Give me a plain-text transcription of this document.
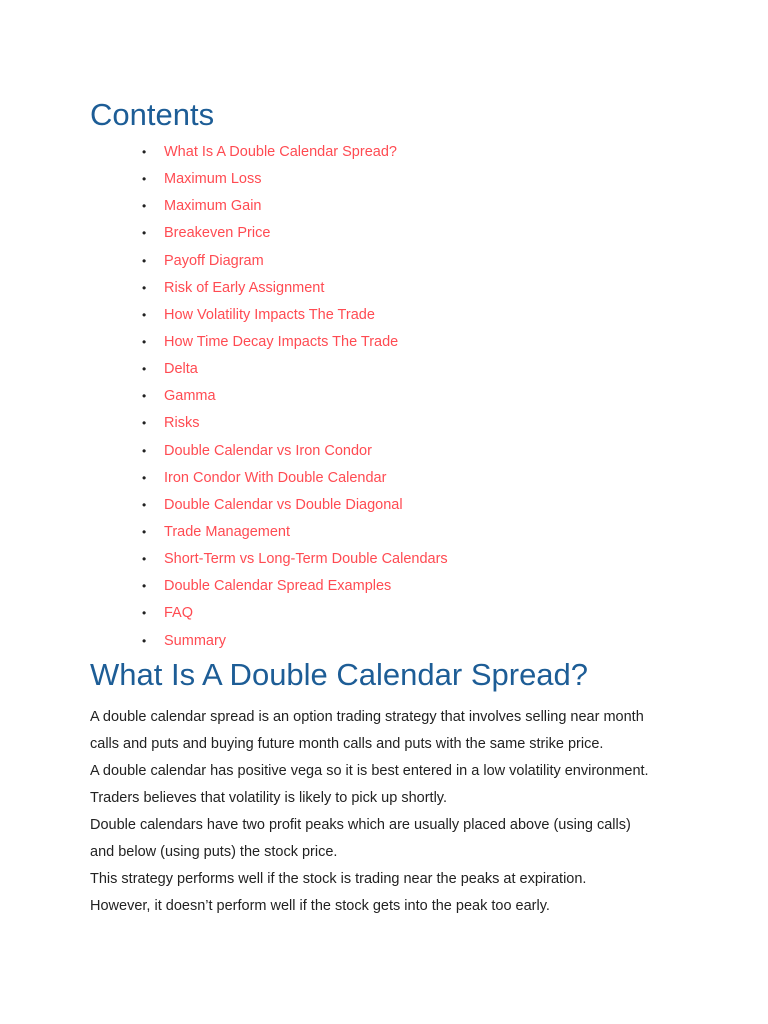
Contents
• What Is A Double Calendar Spread?
• Maximum Loss
• Maximum Gain
• Breakeven Price
• Payoff Diagram
• Risk of Early Assignment
• How Volatility Impacts The Trade
• How Time Decay Impacts The Trade
• Delta
• Gamma
• Risks
• Double Calendar vs Iron Condor
• Iron Condor With Double Calendar
• Double Calendar vs Double Diagonal
• Trade Management
• Short-Term vs Long-Term Double Calendars
• Double Calendar Spread Examples
• FAQ
• Summary
What Is A Double Calendar Spread?
A double calendar spread is an option trading strategy that involves selling near month
calls and puts and buying future month calls and puts with the same strike price.
A double calendar has positive vega so it is best entered in a low volatility environment.
Traders believes that volatility is likely to pick up shortly.
Double calendars have two profit peaks which are usually placed above (using calls)
and below (using puts) the stock price.
This strategy performs well if the stock is trading near the peaks at expiration.
However, it doesn’t perform well if the stock gets into the peak too early.
